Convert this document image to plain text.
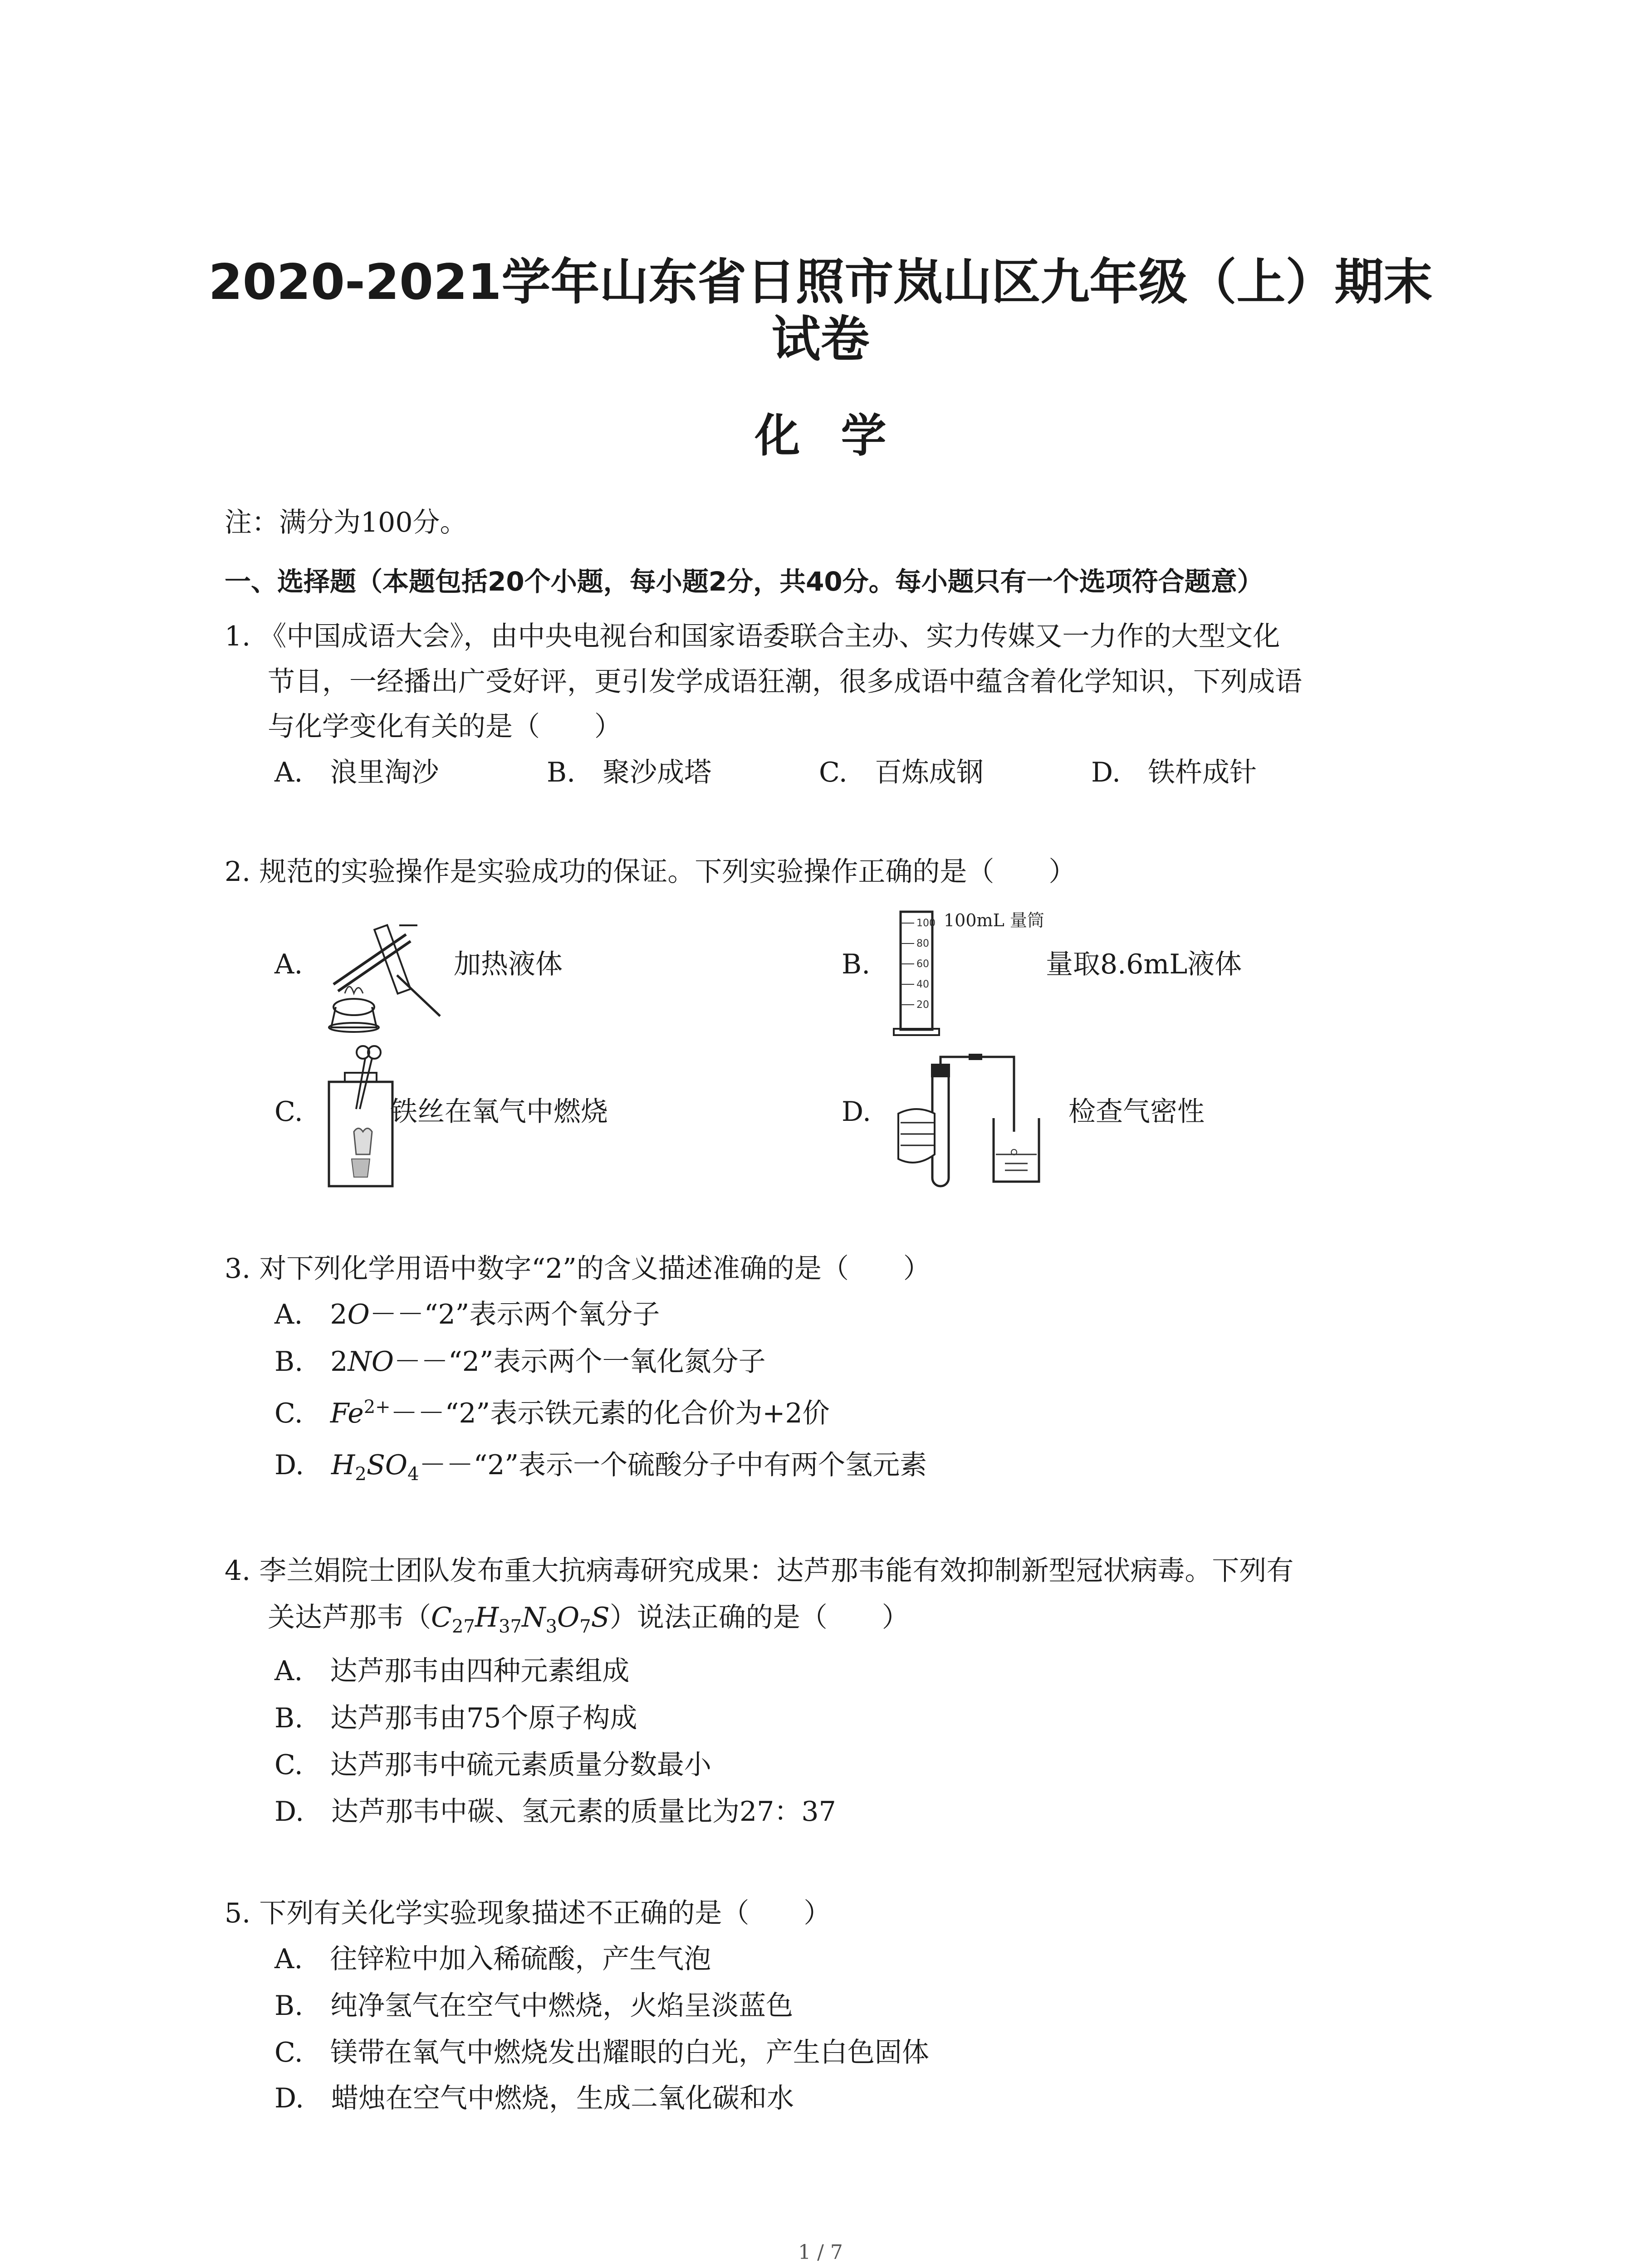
2020-2021学年山东省日照市岚山区九年级（上）期末
试卷
化学
注：满分为100分。
一、选择题（本题包括20个小题，每小题2分，共40分。每小题只有一个选项符合题意）
1. 《中国成语大会》，由中央电视台和国家语委联合主办、实力传媒又一力作的大型文化
节目，一经播出广受好评，更引发学成语狂潮，很多成语中蕴含着化学知识，下列成语
与化学变化有关的是（　　）
A.　 浪里淘沙	B.　 聚沙成塔	C.　 百炼成钢	D.　 铁杵成针
2. 规范的实验操作是实验成功的保证。下列实验操作正确的是（　　）
A.	加热液体	B.
100
80
60
40
20
100mL 量筒
量取8.6mL液体
C.	铁丝在氧气中燃烧	D.	检查气密性
3. 对下列化学用语中数字“2”的含义描述准确的是（　　）
A.　 2O－－“2”表示两个氧分子
B.　 2NO－－“2”表示两个一氧化氮分子
C.　 $Fe^{2+}--“2$”表示铁元素的化合价为+2价
D.　 $H_2SO_4--“2$”表示一个硫酸分子中有两个氢元素
4. 李兰娟院士团队发布重大抗病毒研究成果：达芦那韦能有效抑制新型冠状病毒。下列有
关达芦那韦$(C_{27}H_{37}N_3O_7S)$说法正确的是（　　）
A.　 达芦那韦由四种元素组成
B.　 达芦那韦由75个原子构成
C.　 达芦那韦中硫元素质量分数最小
D.　 达芦那韦中碳、氢元素的质量比为27：37
5. 下列有关化学实验现象描述不正确的是（　　）
A.　 往锌粒中加入稀硫酸，产生气泡
B.　 纯净氢气在空气中燃烧，火焰呈淡蓝色
C.　 镁带在氧气中燃烧发出耀眼的白光，产生白色固体
D.　 蜡烛在空气中燃烧，生成二氧化碳和水
1 / 7
